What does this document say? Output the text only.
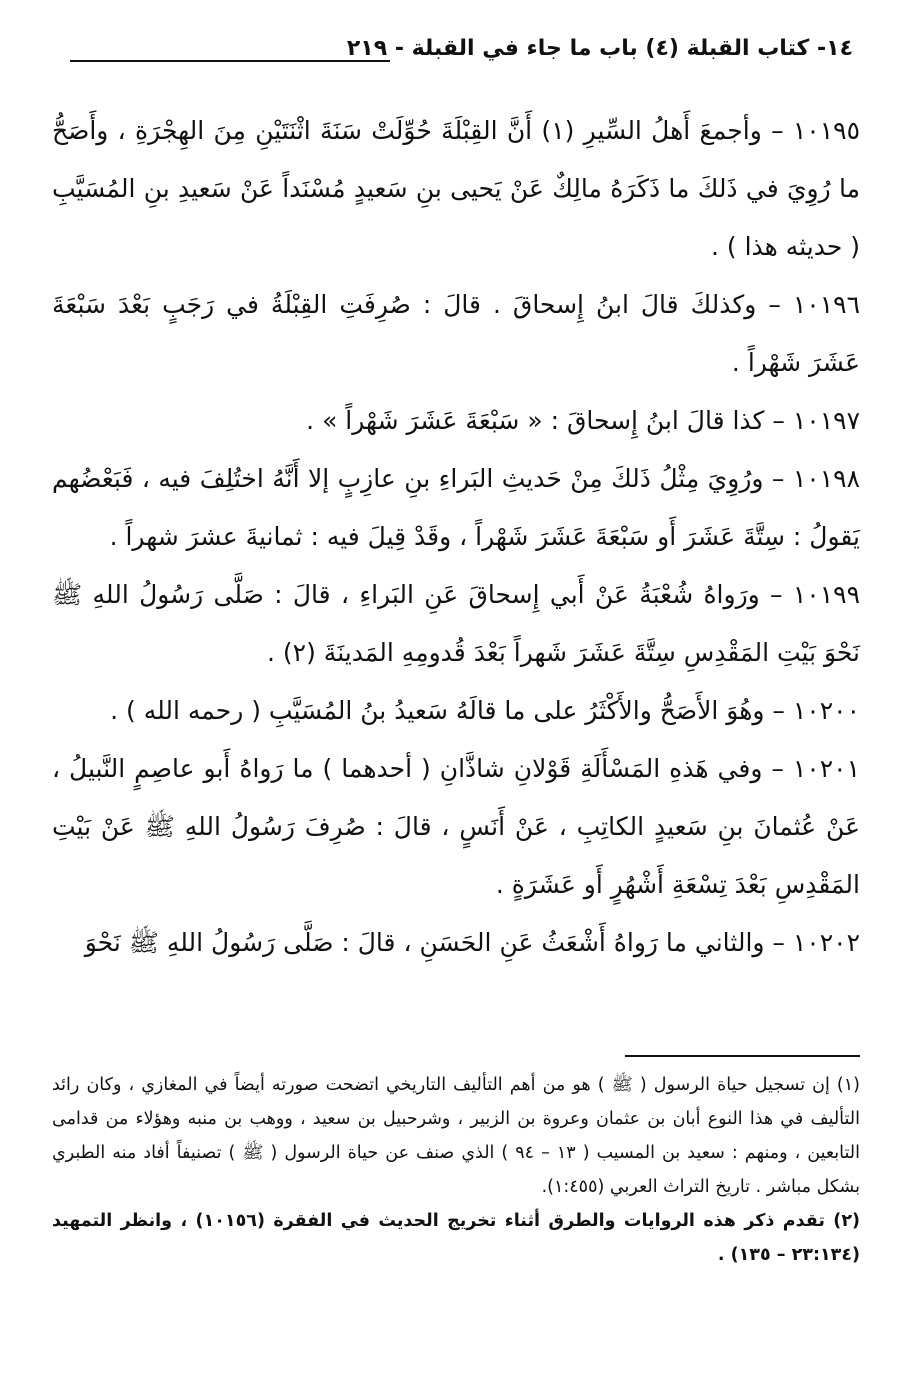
١٤- كتاب القبلة (٤) باب ما جاء في القبلة - ٢١٩

١٠١٩٥ – وأجمعَ أَهلُ السِّيرِ (١) أَنَّ القِبْلَةَ حُوِّلَتْ سَنَةَ اثْنَتَيْنِ مِنَ الهِجْرَةِ ، وأَصَحُّ ما رُوِيَ في ذَلكَ ما ذَكَرَهُ مالِكٌ عَنْ يَحيى بنِ سَعيدٍ مُسْنَداً عَنْ سَعيدِ بنِ المُسَيَّبِ ( حديثه هذا ) .

١٠١٩٦ – وكذلكَ قالَ ابنُ إِسحاقَ . قالَ : صُرِفَتِ القِبْلَةُ في رَجَبٍ بَعْدَ سَبْعَةَ عَشَرَ شَهْراً .

١٠١٩٧ – كذا قالَ ابنُ إِسحاقَ : « سَبْعَةَ عَشَرَ شَهْراً » .

١٠١٩٨ – ورُوِيَ مِثْلُ ذَلكَ مِنْ حَديثِ البَراءِ بنِ عازِبٍ إلا أَنَّهُ اختُلِفَ فيه ، فَبَعْضُهم يَقولُ : سِتَّةَ عَشَرَ أَو سَبْعَةَ عَشَرَ شَهْراً ، وقَدْ قِيلَ فيه : ثمانيةَ عشرَ شهراً .

١٠١٩٩ – ورَواهُ شُعْبَةُ عَنْ أَبي إِسحاقَ عَنِ البَراءِ ، قالَ : صَلَّى رَسُولُ اللهِ ﷺ نَحْوَ بَيْتِ المَقْدِسِ سِتَّةَ عَشَرَ شَهراً بَعْدَ قُدومِهِ المَدينَةَ (٢) .

١٠٢٠٠ – وهُوَ الأَصَحُّ والأَكْثَرُ على ما قالَهُ سَعيدُ بنُ المُسَيَّبِ ( رحمه الله ) .

١٠٢٠١ – وفي هَذهِ المَسْأَلَةِ قَوْلانِ شاذَّانِ ( أحدهما ) ما رَواهُ أَبو عاصِمٍ النَّبيلُ ، عَنْ عُثمانَ بنِ سَعيدٍ الكاتِبِ ، عَنْ أَنَسٍ ، قالَ : صُرِفَ رَسُولُ اللهِ ﷺ عَنْ بَيْتِ المَقْدِسِ بَعْدَ تِسْعَةِ أَشْهُرٍ أَو عَشَرَةٍ .

١٠٢٠٢ – والثاني ما رَواهُ أَشْعَثُ عَنِ الحَسَنِ ، قالَ : صَلَّى رَسُولُ اللهِ ﷺ نَحْوَ

(١) إن تسجيل حياة الرسول ( ﷺ ) هو من أهم التأليف التاريخي اتضحت صورته أيضاً في المغازي ، وكان رائد التأليف في هذا النوع أبان بن عثمان وعروة بن الزبير ، وشرحبيل بن سعيد ، ووهب بن منبه وهؤلاء من قدامى التابعين ، ومنهم : سعيد بن المسيب ( ١٣ – ٩٤ ) الذي صنف عن حياة الرسول ( ﷺ ) تصنيفاً أفاد منه الطبري بشكل مباشر . تاريخ التراث العربي (١:٤٥٥).

(٢) تقدم ذكر هذه الروايات والطرق أثناء تخريج الحديث في الفقرة (١٠١٥٦) ، وانظر التمهيد (٢٣:١٣٤ – ١٣٥) .
